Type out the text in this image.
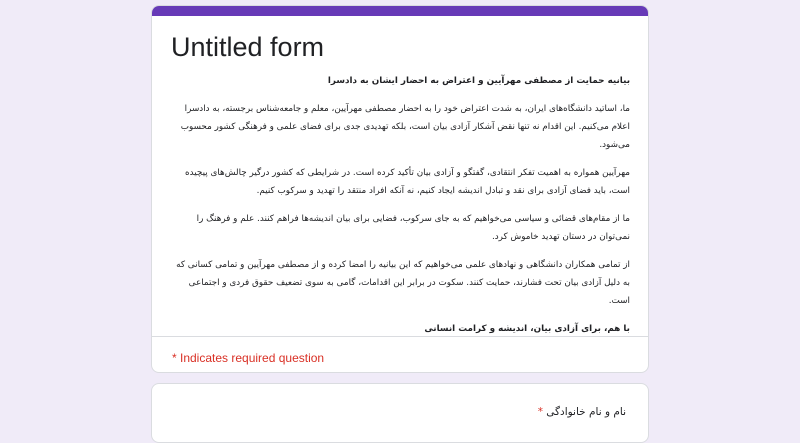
Untitled form

بیانیه حمایت از مصطفی مهرآیین و اعتراض به احضار ایشان به دادسرا

ما، اساتید دانشگاه‌های ایران، به شدت اعتراض خود را به احضار مصطفی مهرآیین، معلم و جامعه‌شناس برجسته، به دادسرا اعلام می‌کنیم. این اقدام نه تنها نقض آشکار آزادی بیان است، بلکه تهدیدی جدی برای فضای علمی و فرهنگی کشور محسوب می‌شود.

مهرآیین همواره به اهمیت تفکر انتقادی، گفتگو و آزادی بیان تأکید کرده است. در شرایطی که کشور درگیر چالش‌های پیچیده است، باید فضای آزادی برای نقد و تبادل اندیشه ایجاد کنیم، نه آنکه افراد منتقد را تهدید و سرکوب کنیم.

ما از مقام‌های قضائی و سیاسی می‌خواهیم که به جای سرکوب، فضایی برای بیان اندیشه‌ها فراهم کنند. علم و فرهنگ را نمی‌توان در دستان تهدید خاموش کرد.

از تمامی همکاران دانشگاهی و نهادهای علمی می‌خواهیم که این بیانیه را امضا کرده و از مصطفی مهرآیین و تمامی کسانی که به دلیل آزادی بیان تحت فشارند، حمایت کنند. سکوت در برابر این اقدامات، گامی به سوی تضعیف حقوق فردی و اجتماعی است.

با هم، برای آزادی بیان، اندیشه و کرامت انسانی

* Indicates required question
نام و نام خانوادگی *
